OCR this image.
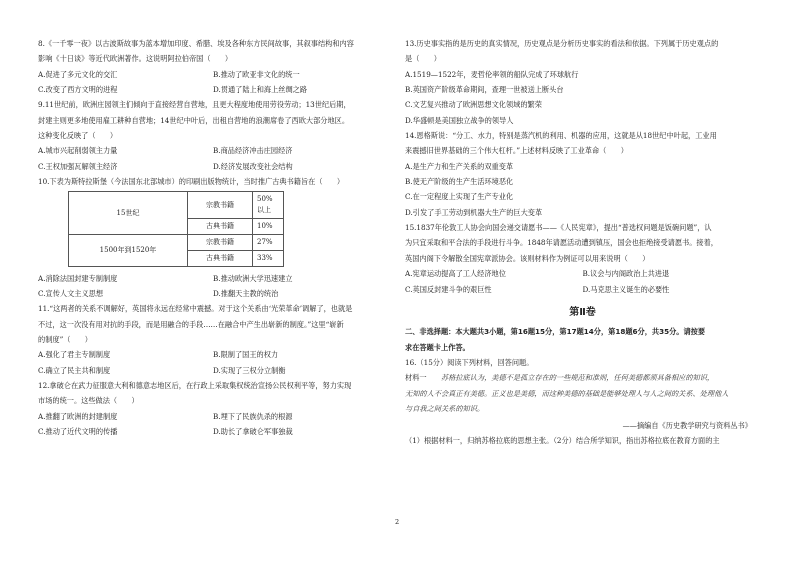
8.《一千零一夜》以古波斯故事为蓝本增加印度、希腊、埃及各种东方民间故事，其叙事结构和内容
影响《十日谈》等近代欧洲著作。这说明阿拉伯帝国（　　）
A.促进了多元文化的交汇	B.推动了欧亚非文化的统一
C.改变了西方文明的进程	D.贯通了陆上和海上丝绸之路
9.11世纪前，欧洲庄园领主们倾向于直接经营自营地，且更大程度地使用劳役劳动；13世纪后期，
封建主则更多地使用雇工耕种自营地；14世纪中叶后，出租自营地的浪潮席卷了西欧大部分地区。
这种变化反映了（　　）
A.城市兴起削弱领主力量	B.商品经济冲击庄园经济
C.王权加强瓦解领主经济	D.经济发展改变社会结构
10.下表为斯特拉斯堡（今法国东北部城市）的印刷出版物统计，当时推广古典书籍旨在（　　）
15世纪	宗教书籍	50%以上
	古典书籍	10%
1500年到1520年	宗教书籍	27%
	古典书籍	33%
A.消除法国封建专制制度	B.推动欧洲大学迅速建立
C.宣传人文主义思想	D.推翻天主教的统治
11.“这两者的关系不调解好，英国将永远在经常中震撼。对于这个关系由‘光荣革命’调解了，也就是
不过，这一次没有用对抗的手段，而是用融合的手段……在融合中产生出崭新的制度。”这里“崭新
的制度”（　　）
A.强化了君主专制制度	B.限制了国王的权力
C.确立了民主共和制度	D.实现了三权分立制衡
12.拿破仑在武力征服意大利和德意志地区后，在行政上采取集权统治宣扬公民权利平等，努力实现
市场的统一。这些做法（　　）
A.推翻了欧洲的封建制度	B.埋下了民族仇杀的根源
C.推动了近代文明的传播	D.助长了拿破仑军事独裁
13.历史事实指的是历史的真实情况，历史观点是分析历史事实的看法和依据。下列属于历史观点的
是（　　）
A.1519—1522年，麦哲伦率领的船队完成了环球航行
B.英国资产阶级革命期间，查理一世被送上断头台
C.文艺复兴推动了欧洲思想文化领域的繁荣
D.华盛顿是美国独立战争的领导人
14.恩格斯说：“分工、水力，特别是蒸汽机的利用、机器的应用，这就是从18世纪中叶起，工业用
来震撼旧世界基础的三个伟大杠杆。”上述材料反映了工业革命（　　）
A.是生产力和生产关系的双重变革
B.使无产阶级的生产生活环境恶化
C.在一定程度上实现了生产专业化
D.引发了手工劳动到机器大生产的巨大变革
15.1837年伦敦工人协会向国会递交请愿书——《人民宪章》，提出“普选权问题是饭碗问题”，认
为只宜采取和平合法的手段进行斗争。1848年请愿活动遭到镇压，国会也拒绝接受请愿书。接着，
英国内阁下令解散全国宪章派协会。该则材料作为例证可以用来说明（　　）
A.宪章运动提高了工人经济地位	B.议会与内阁政治上共进退
C.英国反封建斗争的艰巨性	D.马克思主义诞生的必要性
第Ⅱ卷
二、非选择题：本大题共3小题，第16题15分，第17题14分，第18题6分，共35分。请按要
求在答题卡上作答。
16.（15分）阅读下列材料，回答问题。
材料一　　 苏格拉底认为，美德不是孤立存在的一些规范和准则，任何美德都须具备相应的知识，
无知的人不会真正有美德。正义也是美德，而这种美德的基础是能够处理人与人之间的关系、处理他人
与自我之间关系的知识。
——摘编自《历史教学研究与资料丛书》
（1）根据材料一，归纳苏格拉底的思想主张。（2分）结合所学知识，指出苏格拉底在教育方面的主
2
